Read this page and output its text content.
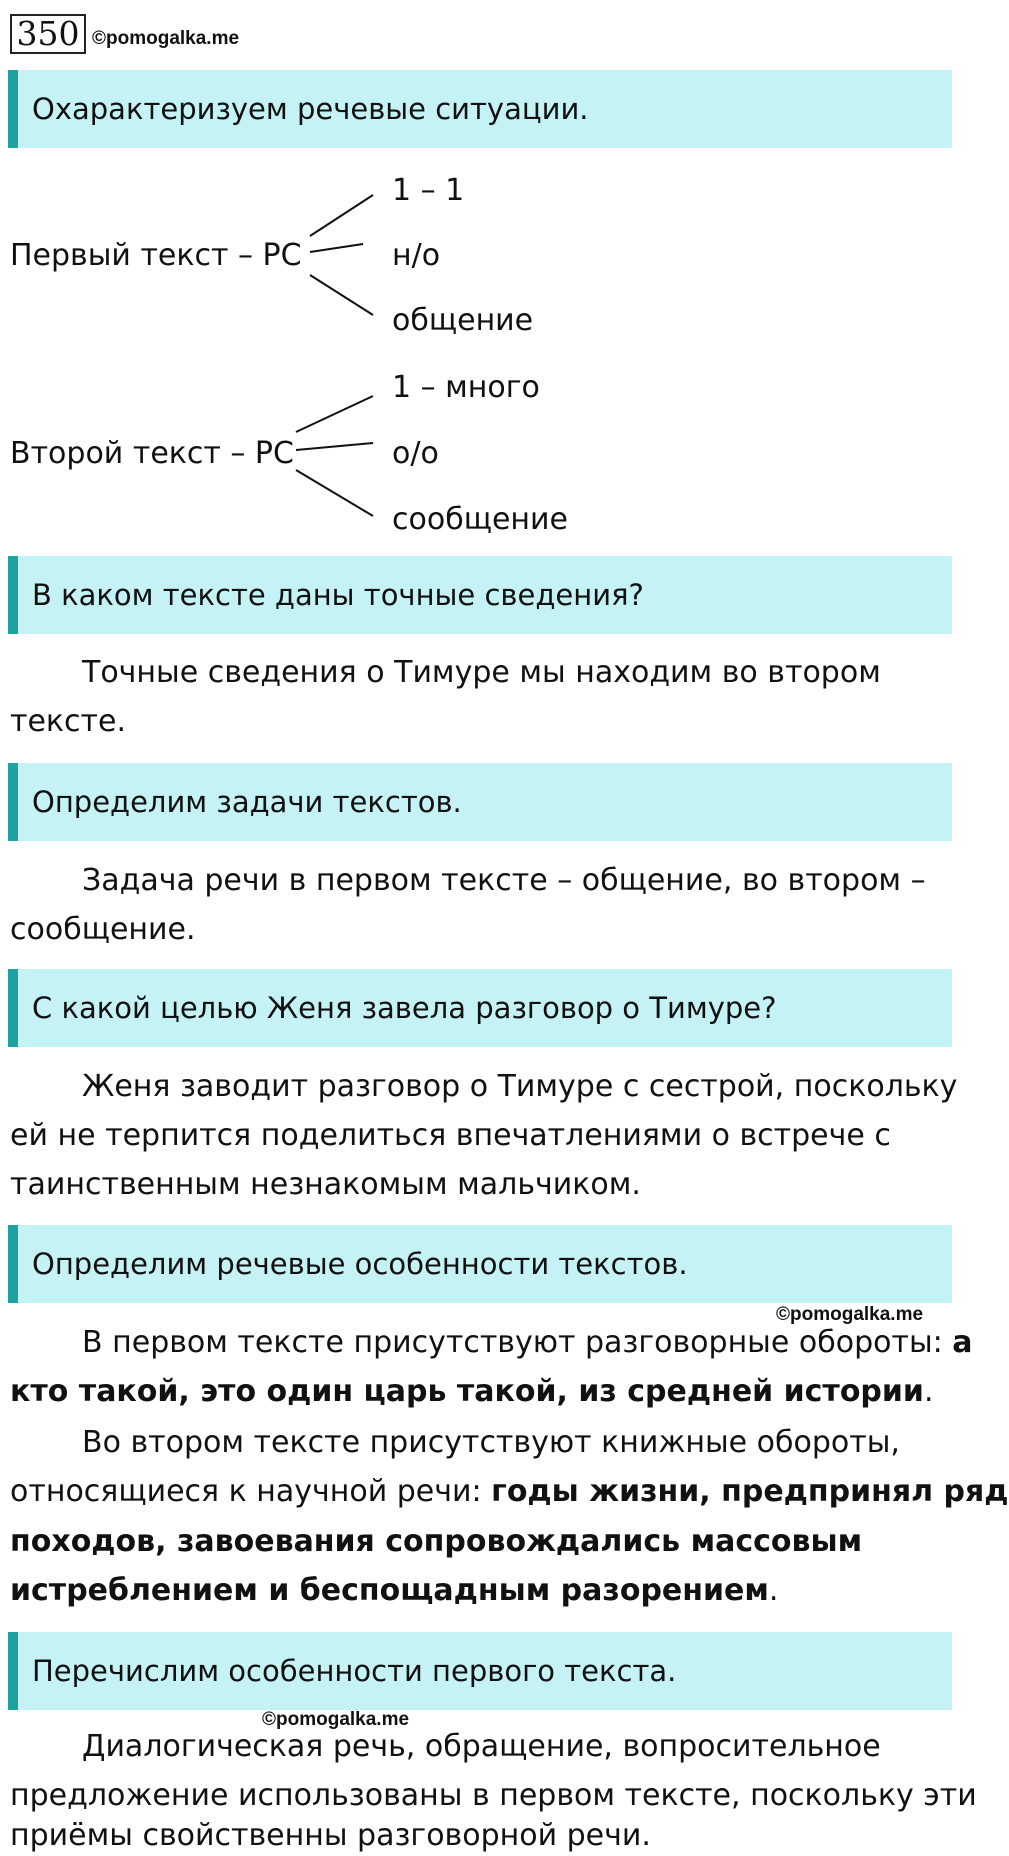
350 ©pomogalka.me
Охарактеризуем речевые ситуации.
Первый текст – РС
1 – 1
н/о
общение
Второй текст – РС
1 – много
о/о
сообщение
В каком тексте даны точные сведения?
Точные сведения о Тимуре мы находим во втором
тексте.
Определим задачи текстов.
Задача речи в первом тексте – общение, во втором –
сообщение.
С какой целью Женя завела разговор о Тимуре?
Женя заводит разговор о Тимуре с сестрой, поскольку
ей не терпится поделиться впечатлениями о встрече с
таинственным незнакомым мальчиком.
Определим речевые особенности текстов.
©pomogalka.me
В первом тексте присутствуют разговорные обороты: а
кто такой, это один царь такой, из средней истории.
Во втором тексте присутствуют книжные обороты,
относящиеся к научной речи: годы жизни, предпринял ряд
походов, завоевания сопровождались массовым
истреблением и беспощадным разорением.
Перечислим особенности первого текста.
©pomogalka.me
Диалогическая речь, обращение, вопросительное
предложение использованы в первом тексте, поскольку эти
приёмы свойственны разговорной речи.
